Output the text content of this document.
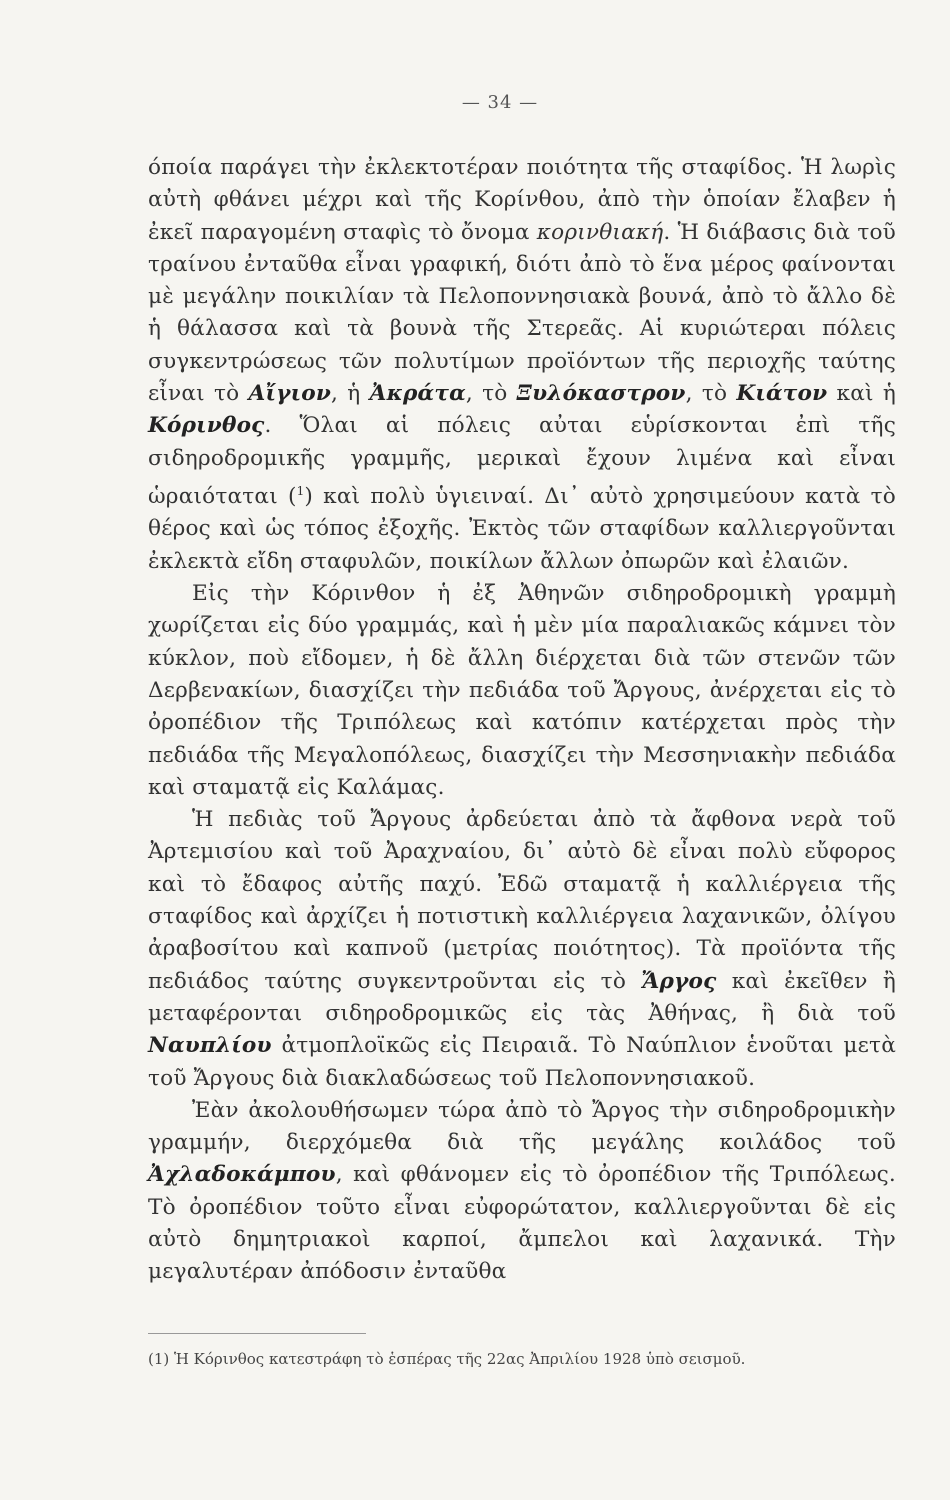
— 34 —

όποία παράγει τὴν ἐκλεκτοτέραν ποιότητα τῆς σταφίδος. Ἡ λωρὶς αὐτὴ φθάνει μέχρι καὶ τῆς Κορίνθου, ἀπὸ τὴν ὁποίαν ἔλαβεν ἡ ἐκεῖ παραγομένη σταφὶς τὸ ὄνομα κορινθιακή. Ἡ διάβασις διὰ τοῦ τραίνου ἐνταῦθα εἶναι γραφική, διότι ἀπὸ τὸ ἕνα μέρος φαίνονται μὲ μεγάλην ποικιλίαν τὰ Πελοποννησιακὰ βουνά, ἀπὸ τὸ ἄλλο δὲ ἡ θάλασσα καὶ τὰ βουνὰ τῆς Στερεᾶς. Αἱ κυριώτεραι πόλεις συγκεντρώσεως τῶν πολυτίμων προϊόντων τῆς περιοχῆς ταύτης εἶναι τὸ Αἴγιον, ἡ Ἀκράτα, τὸ Ξυλόκαστρον, τὸ Κιάτον καὶ ἡ Κόρινθος. Ὅλαι αἱ πόλεις αὐται εὑρίσκονται ἐπὶ τῆς σιδηροδρομικῆς γραμμῆς, μερικαὶ ἔχουν λιμένα καὶ εἶναι ὡραιόταται ($^1$) καὶ πολὺ ὑγιειναί. Δι᾿ αὐτὸ χρησιμεύουν κατὰ τὸ θέρος καὶ ὡς τόπος ἐξοχῆς. Ἐκτὸς τῶν σταφίδων καλλιεργοῦνται ἐκλεκτὰ εἴδη σταφυλῶν, ποικίλων ἄλλων ὀπωρῶν καὶ ἐλαιῶν.

Εἰς τὴν Κόρινθον ἡ ἐξ Ἀθηνῶν σιδηροδρομικὴ γραμμὴ χωρίζεται εἰς δύο γραμμάς, καὶ ἡ μὲν μία παραλιακῶς κάμνει τὸν κύκλον, ποὺ εἴδομεν, ἡ δὲ ἄλλη διέρχεται διὰ τῶν στενῶν τῶν Δερβενακίων, διασχίζει τὴν πεδιάδα τοῦ Ἄργους, ἀνέρχεται εἰς τὸ ὀροπέδιον τῆς Τριπόλεως καὶ κατόπιν κατέρχεται πρὸς τὴν πεδιάδα τῆς Μεγαλοπόλεως, διασχίζει τὴν Μεσσηνιακὴν πεδιάδα καὶ σταματᾷ εἰς Καλάμας.

Ἡ πεδιὰς τοῦ Ἄργους ἀρδεύεται ἀπὸ τὰ ἄφθονα νερὰ τοῦ Ἀρτεμισίου καὶ τοῦ Ἀραχναίου, δι᾿ αὐτὸ δὲ εἶναι πολὺ εὔφορος καὶ τὸ ἔδαφος αὐτῆς παχύ. Ἐδῶ σταματᾷ ἡ καλλιέργεια τῆς σταφίδος καὶ ἀρχίζει ἡ ποτιστικὴ καλλιέργεια λαχανικῶν, ὀλίγου ἀραβοσίτου καὶ καπνοῦ (μετρίας ποιότητος). Τὰ προϊόντα τῆς πεδιάδος ταύτης συγκεντροῦνται εἰς τὸ Ἄργος καὶ ἐκεῖθεν ἢ μεταφέρονται σιδηροδρομικῶς εἰς τὰς Ἀθήνας, ἢ διὰ τοῦ Ναυπλίου ἀτμοπλοϊκῶς εἰς Πειραιᾶ. Τὸ Ναύπλιον ἑνοῦται μετὰ τοῦ Ἄργους διὰ διακλαδώσεως τοῦ Πελοποννησιακοῦ.

Ἐὰν ἀκολουθήσωμεν τώρα ἀπὸ τὸ Ἄργος τὴν σιδηροδρομικὴν γραμμήν, διερχόμεθα διὰ τῆς μεγάλης κοιλάδος τοῦ Ἀχλαδοκάμπου, καὶ φθάνομεν εἰς τὸ ὀροπέδιον τῆς Τριπόλεως. Τὸ ὀροπέδιον τοῦτο εἶναι εὐφορώτατον, καλλιεργοῦνται δὲ εἰς αὐτὸ δημητριακοὶ καρποί, ἄμπελοι καὶ λαχανικά. Τὴν μεγαλυτέραν ἀπόδοσιν ἐνταῦθα

(1) Ἡ Κόρινθος κατεστράφη τὸ ἑσπέρας τῆς 22ας Ἀπριλίου 1928 ὑπὸ σεισμοῦ.
